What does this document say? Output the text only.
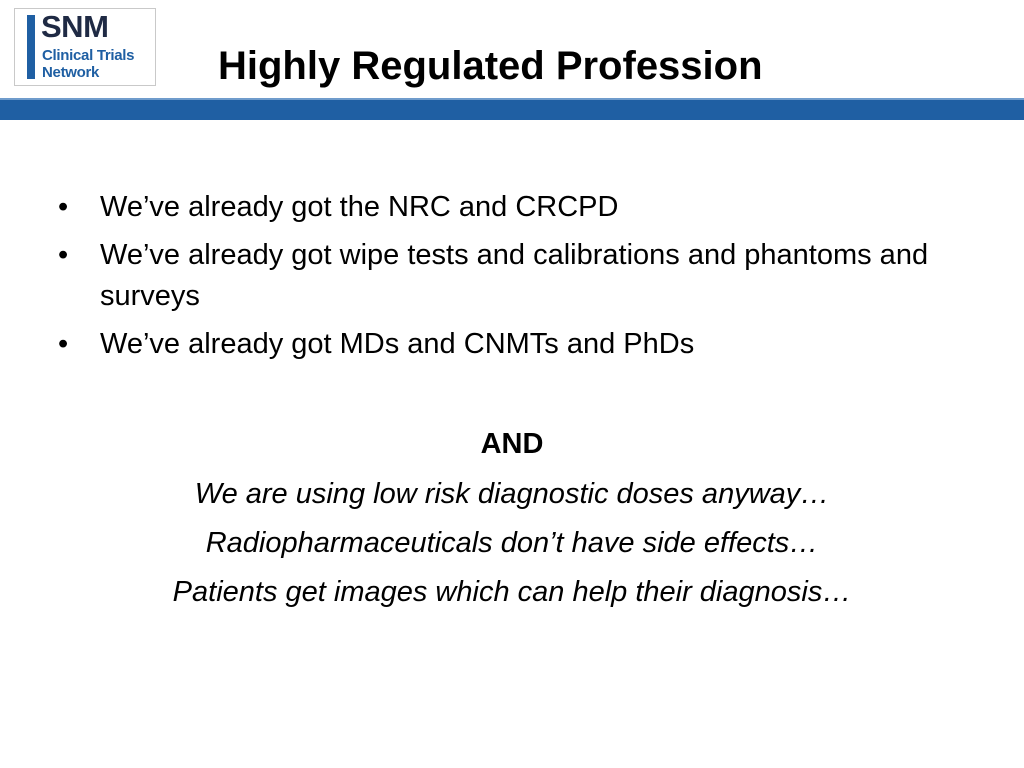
SNM
Clinical Trials
Network	Highly Regulated Profession
•	We’ve already got the NRC and CRCPD
•	We’ve already got wipe tests and calibrations and phantoms and surveys
•	We’ve already got MDs and CNMTs and PhDs
AND
We are using low risk diagnostic doses anyway…
Radiopharmaceuticals don’t have side effects…
Patients get images which can help their diagnosis…
